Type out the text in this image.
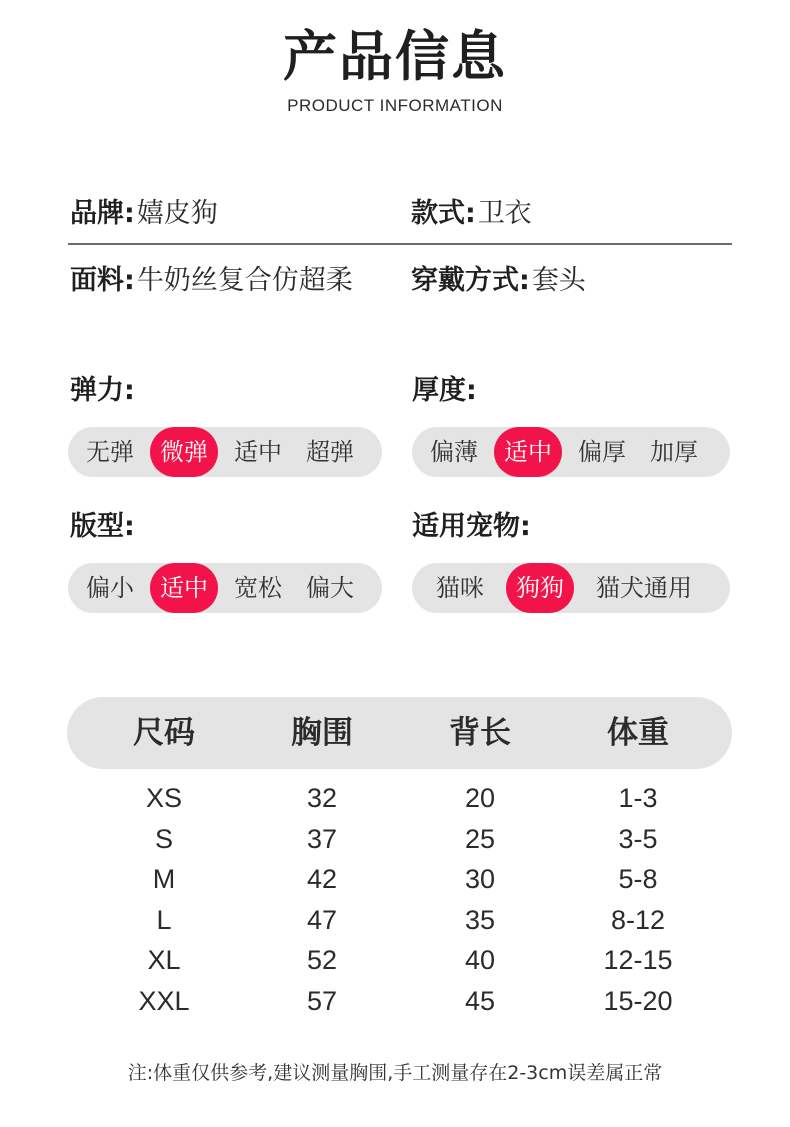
产品信息
PRODUCT INFORMATION
品牌: 嬉皮狗	款式: 卫衣
面料: 牛奶丝复合仿超柔 穿戴方式: 套头
弹力:
无弹	微弹	适中	超弹
厚度:
偏薄	适中	偏厚	加厚
版型:
偏小	适中	宽松	偏大
适用宠物:
猫咪	狗狗	猫犬通用
尺码	胸围	背长	体重
XS	32	20	1-3
S	37	25	3-5
M	42	30	5-8
L	47	35	8-12
XL	52	40	12-15
XXL	57	45	15-20
注:体重仅供参考,建议测量胸围,手工测量存在2-3cm误差属正常
